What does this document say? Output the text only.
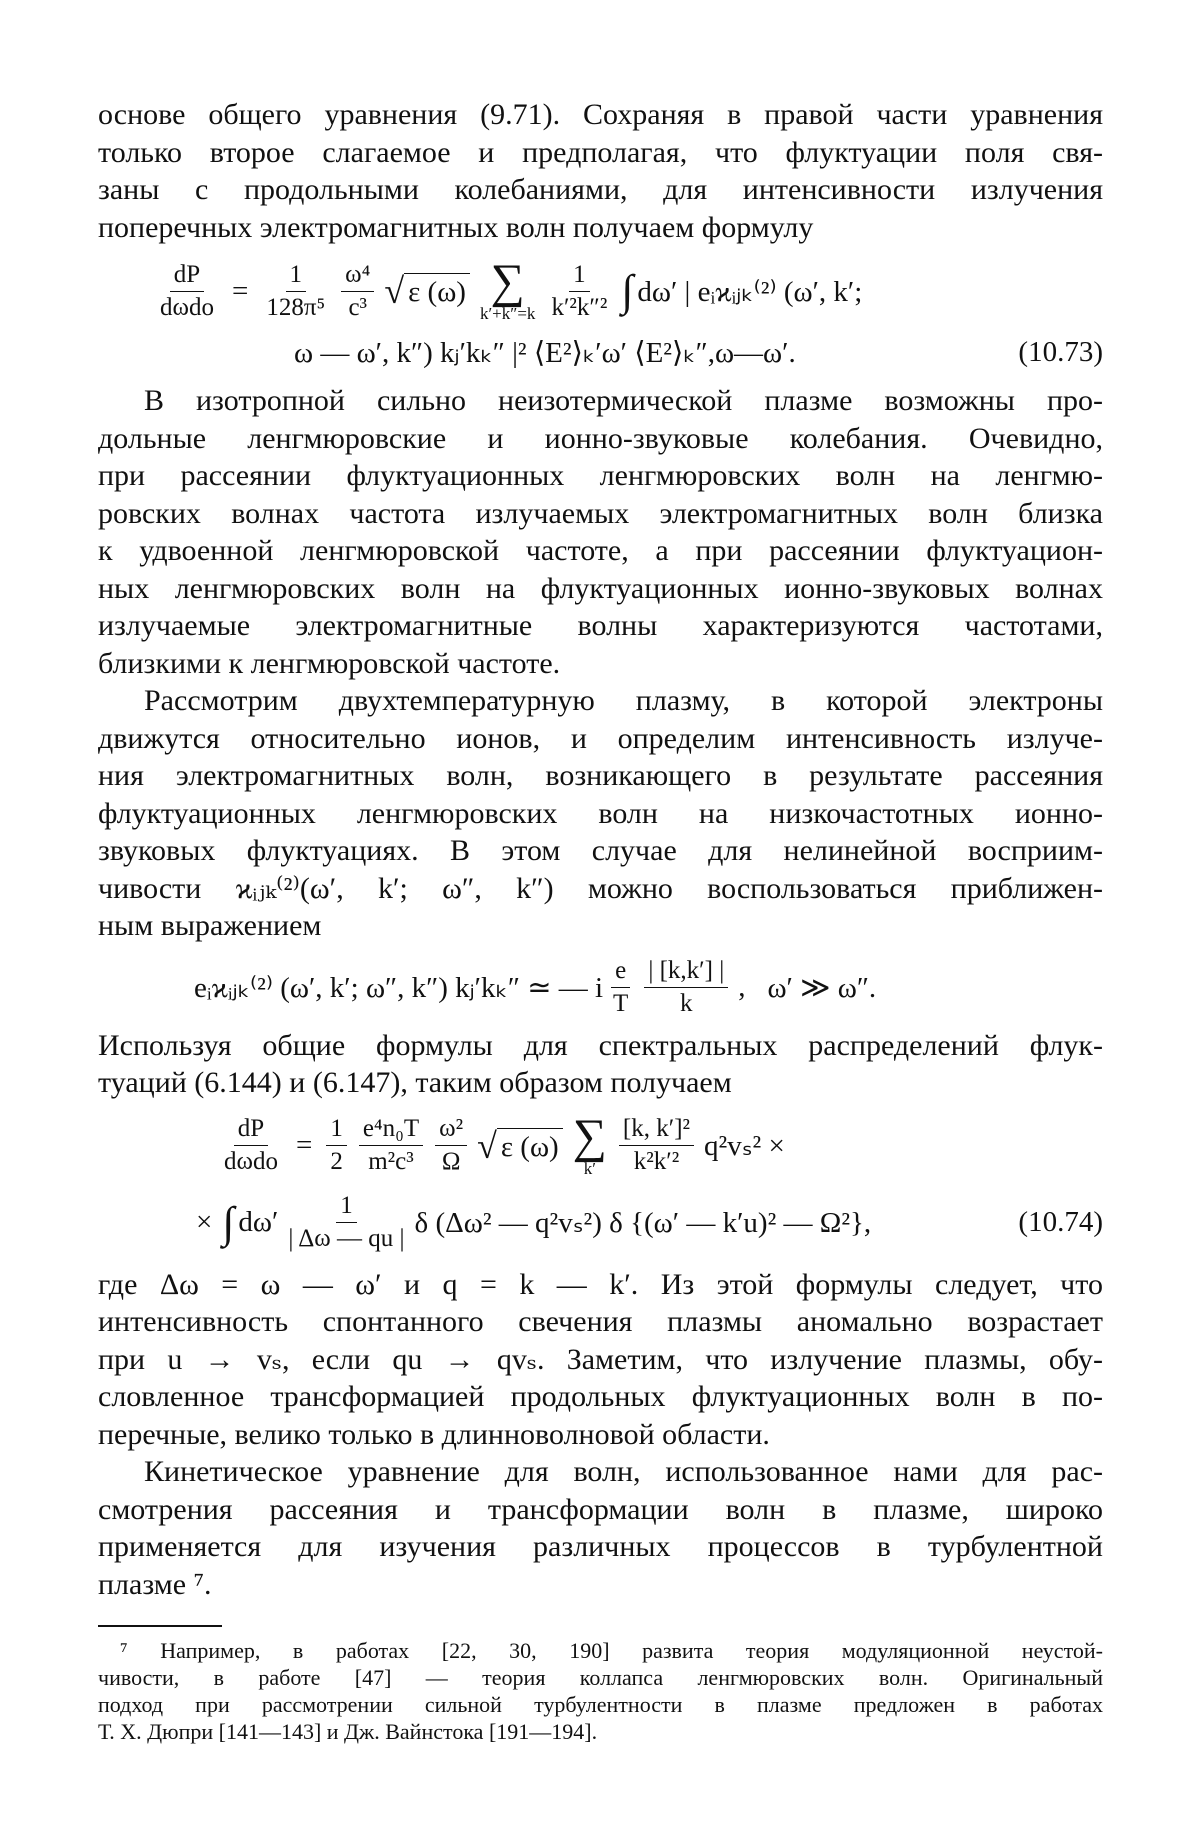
основе общего уравнения (9.71). Сохраняя в правой части уравнения

только второе слагаемое и предполагая, что флуктуации поля свя-

заны с продольными колебаниями, для интенсивности излучения

поперечных электромагнитных волн получаем формулу

$\frac{dP}{\text{dωdo}} = \frac{1}{\text{128π⁵}} \frac{\text{ω⁴}}{\text{c³}}$ √ ε (ω) ∑
$k'+k''=k \frac{1}{\text{k′²k″²}}$ ∫ dω′ | eᵢϰᵢⱼₖ⁽²⁾ (ω′, k′;
ω — ω′, k″) kⱼ′kₖ″ |² ⟨E²⟩ₖ′ω′ ⟨E²⟩ₖ″,ω—ω′.	(10.73)

В изотропной сильно неизотермической плазме возможны про-

дольные ленгмюровские и ионно-звуковые колебания. Очевидно,

при рассеянии флуктуационных ленгмюровских волн на ленгмю-

ровских волнах частота излучаемых электромагнитных волн близка

к удвоенной ленгмюровской частоте, а при рассеянии флуктуацион-

ных ленгмюровских волн на флуктуационных ионно-звуковых волнах

излучаемые электромагнитные волны характеризуются частотами,

близкими к ленгмюровской частоте.

Рассмотрим двухтемпературную плазму, в которой электроны

движутся относительно ионов, и определим интенсивность излуче-

ния электромагнитных волн, возникающего в результате рассеяния

флуктуационных ленгмюровских волн на низкочастотных ионно-

звуковых флуктуациях. В этом случае для нелинейной восприим-

чивости ϰᵢⱼₖ⁽²⁾(ω′, k′; ω″, k″) можно воспользоваться приближен-

ным выражением

eᵢϰᵢⱼₖ⁽²⁾ (ω′, k′; ω″, k″) kⱼ′kₖ″ ≃ — i $\frac{e}{T} \frac{| [k,k'] |}{k}$ , ω′ ≫ ω″.

Используя общие формулы для спектральных распределений флук-

туаций (6.144) и (6.147), таким образом получаем

$\frac{dP}{\text{dωdo}} = \frac{1}{2} \frac{\text{e⁴n₀T}}{\text{m²c³}} \frac{\text{ω²}}{\Omega}$ √ ε (ω) ∑
$k' \frac{\text{[k, k′]²}}{\text{k²k′²}} q^2v_s^2$ ×
× ∫ $d\omega' \frac{1}{| \Delta\omega — qu |}$ δ (Δω² — q²vₛ²) δ {(ω′ — k′u)² — Ω²},	(10.74)

где Δω = ω — ω′ и q = k — k′. Из этой формулы следует, что

интенсивность спонтанного свечения плазмы аномально возрастает

при u → vₛ, если qu → qvₛ. Заметим, что излучение плазмы, обу-

словленное трансформацией продольных флуктуационных волн в по-

перечные, велико только в длинноволновой области.

Кинетическое уравнение для волн, использованное нами для рас-

смотрения рассеяния и трансформации волн в плазме, широко

применяется для изучения различных процессов в турбулентной

плазме ⁷.

⁷ Например, в работах [22, 30, 190] развита теория модуляционной неустой-

чивости, в работе [47] — теория коллапса ленгмюровских волн. Оригинальный

подход при рассмотрении сильной турбулентности в плазме предложен в работах

Т. Х. Дюпри [141—143] и Дж. Вайнстока [191—194].
